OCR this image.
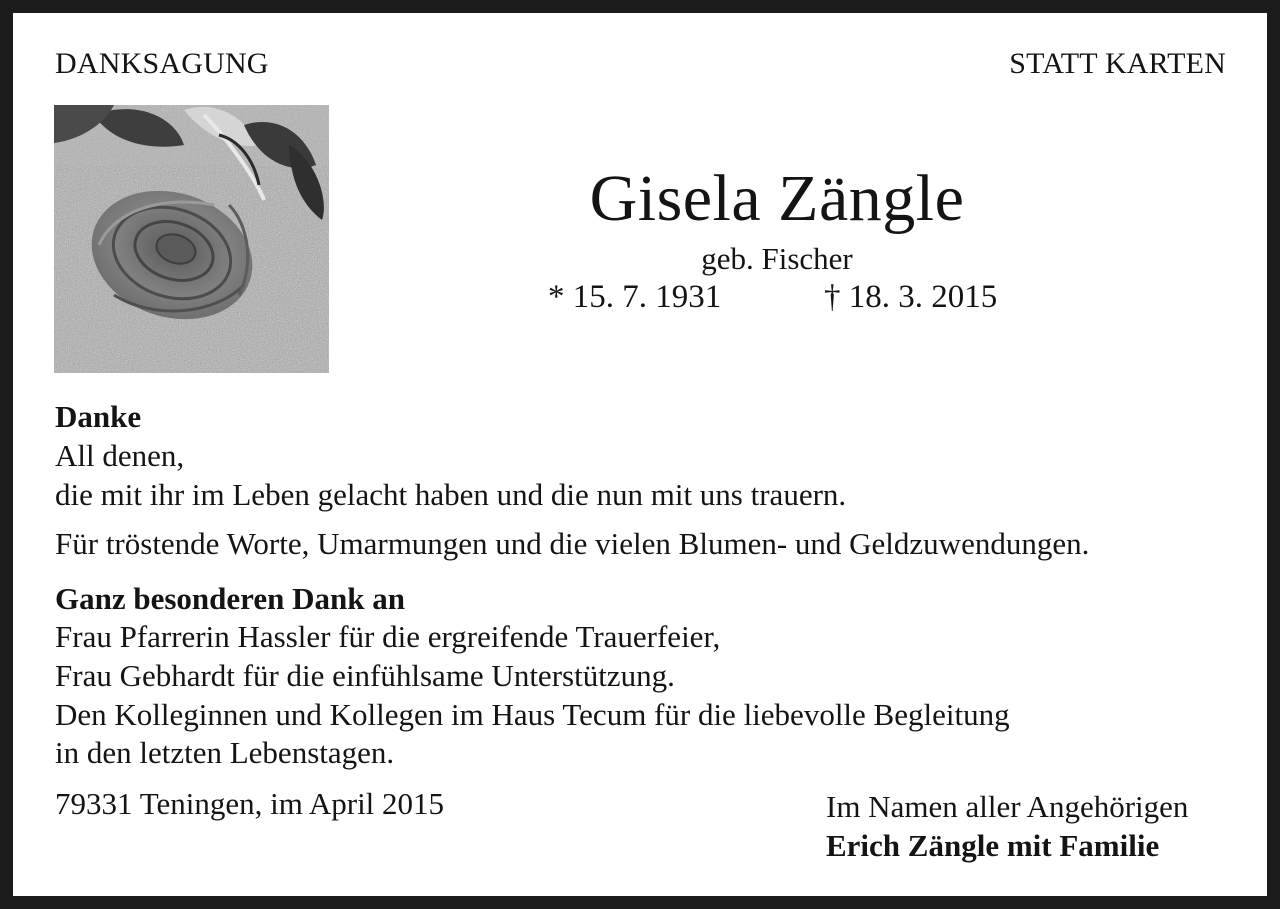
DANKSAGUNG	STATT KARTEN
Gisela Zängle
geb. Fischer
* 15. 7. 1931	† 18. 3. 2015
Danke
All denen,
die mit ihr im Leben gelacht haben und die nun mit uns trauern.
Für tröstende Worte, Umarmungen und die vielen Blumen- und Geldzuwendungen.
Ganz besonderen Dank an
Frau Pfarrerin Hassler für die ergreifende Trauerfeier,
Frau Gebhardt für die einfühlsame Unterstützung.
Den Kolleginnen und Kollegen im Haus Tecum für die liebevolle Begleitung
in den letzten Lebenstagen.
79331 Teningen, im April 2015	Im Namen aller Angehörigen
Erich Zängle mit Familie
